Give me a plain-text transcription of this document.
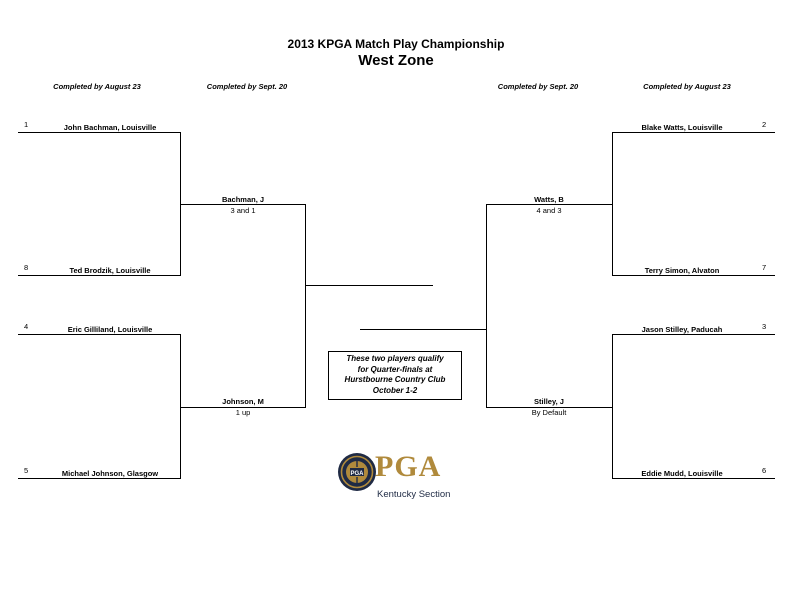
2013 KPGA Match Play Championship
West Zone
Completed by August 23	Completed by Sept. 20	Completed by Sept. 20	Completed by August 23
1	John Bachman, Louisville
8	Ted Brodzik, Louisville
4	Eric Gilliland, Louisville
5	Michael Johnson, Glasgow
Bachman, J
3 and 1
Johnson, M
1 up
Blake Watts, Louisville	2
Terry Simon, Alvaton	7
Jason Stilley, Paducah	3
Eddie Mudd, Louisville	6
Watts, B
4 and 3
Stilley, J
By Default
These two players qualify
for Quarter-finals at
Hurstbourne Country Club
October 1-2
PGA PGA
Kentucky Section
